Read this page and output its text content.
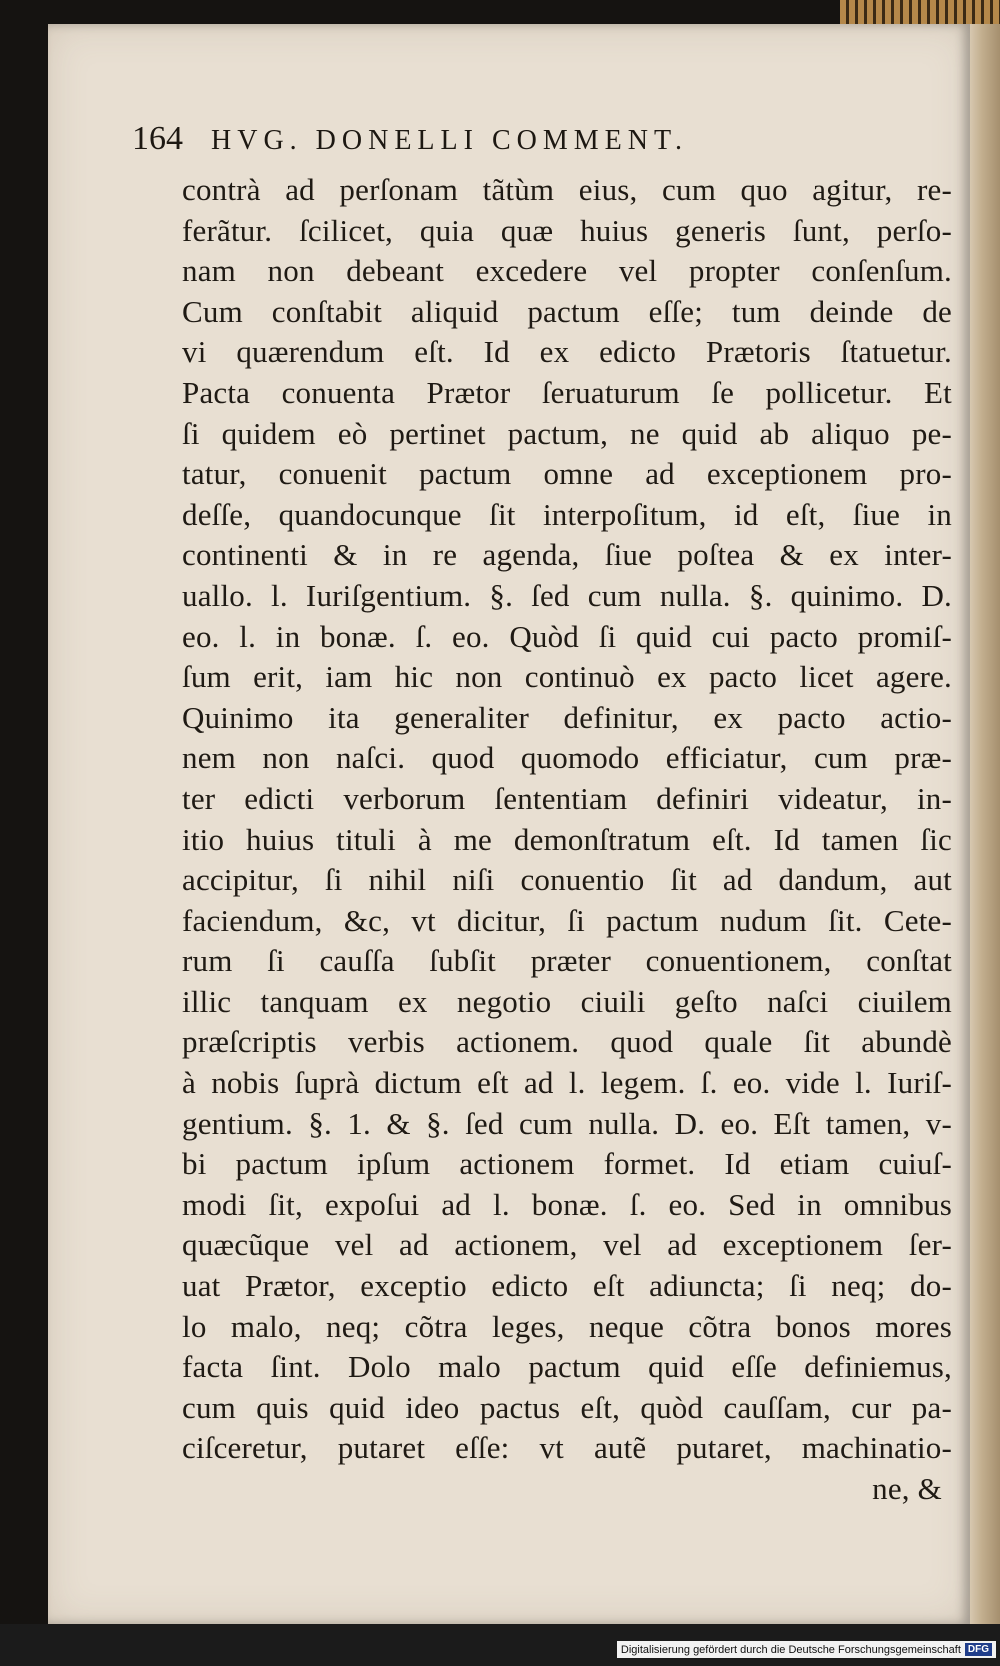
164 HVG. DONELLI COMMENT.
contrà ad perſonam tãtùm eius, cum quo agitur, re-
ferãtur. ſcilicet, quia quæ huius generis ſunt, perſo-
nam non debeant excedere vel propter conſenſum.
Cum conſtabit aliquid pactum eſſe; tum deinde de
vi quærendum eſt. Id ex edicto Prætoris ſtatuetur.
Pacta conuenta Prætor ſeruaturum ſe pollicetur. Et
ſi quidem eò pertinet pactum, ne quid ab aliquo pe-
tatur, conuenit pactum omne ad exceptionem pro-
deſſe, quandocunque ſit interpoſitum, id eſt, ſiue in
continenti & in re agenda, ſiue poſtea & ex inter-
uallo. l. Iuriſgentium. §. ſed cum nulla. §. quinimo. D.
eo. l. in bonæ. ſ. eo. Quòd ſi quid cui pacto promiſ-
ſum erit, iam hic non continuò ex pacto licet agere.
Quinimo ita generaliter definitur, ex pacto actio-
nem non naſci. quod quomodo efficiatur, cum præ-
ter edicti verborum ſententiam definiri videatur, in-
itio huius tituli à me demonſtratum eſt. Id tamen ſic
accipitur, ſi nihil niſi conuentio ſit ad dandum, aut
faciendum, &c, vt dicitur, ſi pactum nudum ſit. Cete-
rum ſi cauſſa ſubſit præter conuentionem, conſtat
illic tanquam ex negotio ciuili geſto naſci ciuilem
præſcriptis verbis actionem. quod quale ſit abundè
à nobis ſuprà dictum eſt ad l. legem. ſ. eo. vide l. Iuriſ-
gentium. §. 1. & §. ſed cum nulla. D. eo. Eſt tamen, v-
bi pactum ipſum actionem formet. Id etiam cuiuſ-
modi ſit, expoſui ad l. bonæ. ſ. eo. Sed in omnibus
quæcũque vel ad actionem, vel ad exceptionem ſer-
uat Prætor, exceptio edicto eſt adiuncta; ſi neq; do-
lo malo, neq; cõtra leges, neque cõtra bonos mores
facta ſint. Dolo malo pactum quid eſſe definiemus,
cum quis quid ideo pactus eſt, quòd cauſſam, cur pa-
ciſceretur, putaret eſſe: vt autẽ putaret, machinatio-
ne, &
Digitalisierung gefördert durch die Deutsche Forschungsgemeinschaft DFG
